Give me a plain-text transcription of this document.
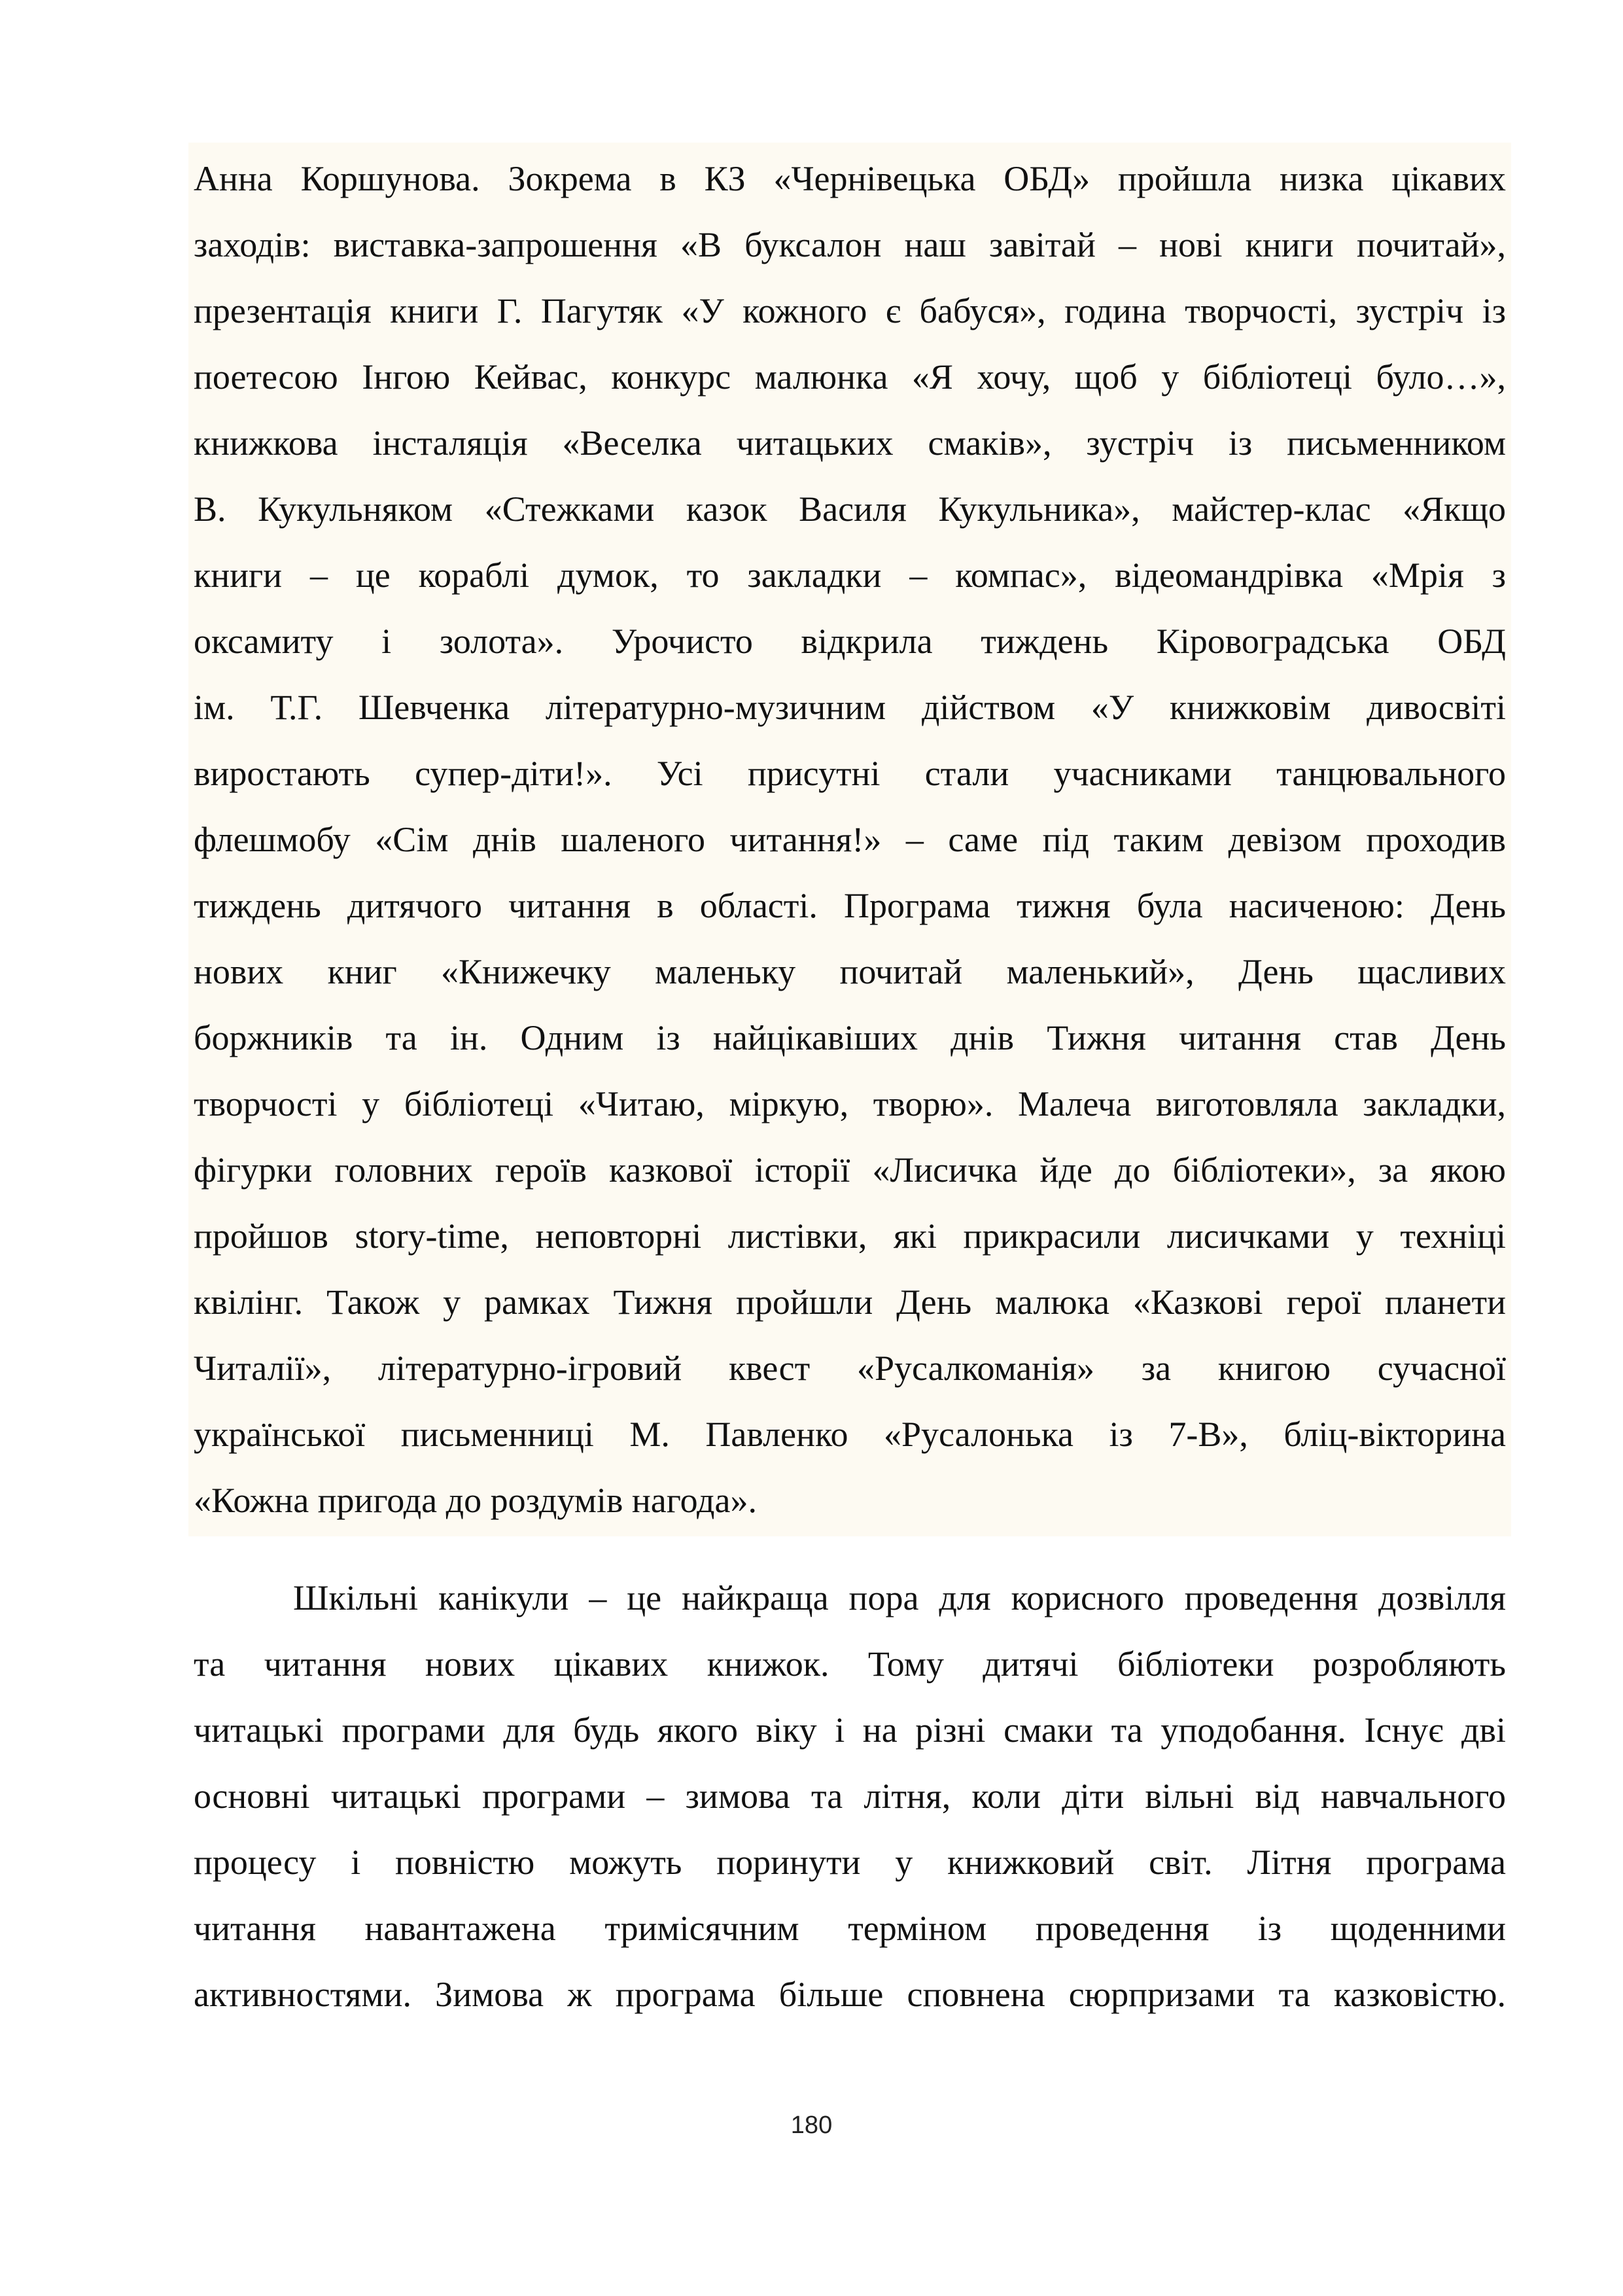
Анна Коршунова. Зокрема в КЗ «Чернівецька ОБД» пройшла низка цікавих
заходів: виставка-запрошення «В буксалон наш завітай – нові книги почитай»,
презентація книги Г. Пагутяк «У кожного є бабуся», година творчості, зустріч із
поетесою Інгою Кейвас, конкурс малюнка «Я хочу, щоб у бібліотеці було…»,
книжкова інсталяція «Веселка читацьких смаків», зустріч із письменником
В. Кукульняком «Стежками казок Василя Кукульника», майстер-клас «Якщо
книги – це кораблі думок, то закладки – компас», відеомандрівка «Мрія з
оксамиту і золота». Урочисто відкрила тиждень Кіровоградська ОБД
ім. Т.Г. Шевченка літературно-музичним дійством «У книжковім дивосвіті
виростають супер-діти!». Усі присутні стали учасниками танцювального
флешмобу «Сім днів шаленого читання!» – саме під таким девізом проходив
тиждень дитячого читання в області. Програма тижня була насиченою: День
нових книг «Книжечку маленьку почитай маленький», День щасливих
боржників та ін. Одним із найцікавіших днів Тижня читання став День
творчості у бібліотеці «Читаю, міркую, творю». Малеча виготовляла закладки,
фігурки головних героїв казкової історії «Лисичка йде до бібліотеки», за якою
пройшов story-time, неповторні листівки, які прикрасили лисичками у техніці
квілінг. Також у рамках Тижня пройшли День малюка «Казкові герої планети
Читалії», літературно-ігровий квест «Русалкоманія» за книгою сучасної
української письменниці М. Павленко «Русалонька із 7-В», бліц-вікторина
«Кожна пригода до роздумів нагода».
Шкільні канікули – це найкраща пора для корисного проведення дозвілля
та читання нових цікавих книжок. Тому дитячі бібліотеки розробляють
читацькі програми для будь якого віку і на різні смаки та уподобання. Існує дві
основні читацькі програми – зимова та літня, коли діти вільні від навчального
процесу і повністю можуть поринути у книжковий світ. Літня програма
читання навантажена тримісячним терміном проведення із щоденними
активностями. Зимова ж програма більше сповнена сюрпризами та казковістю.
180
